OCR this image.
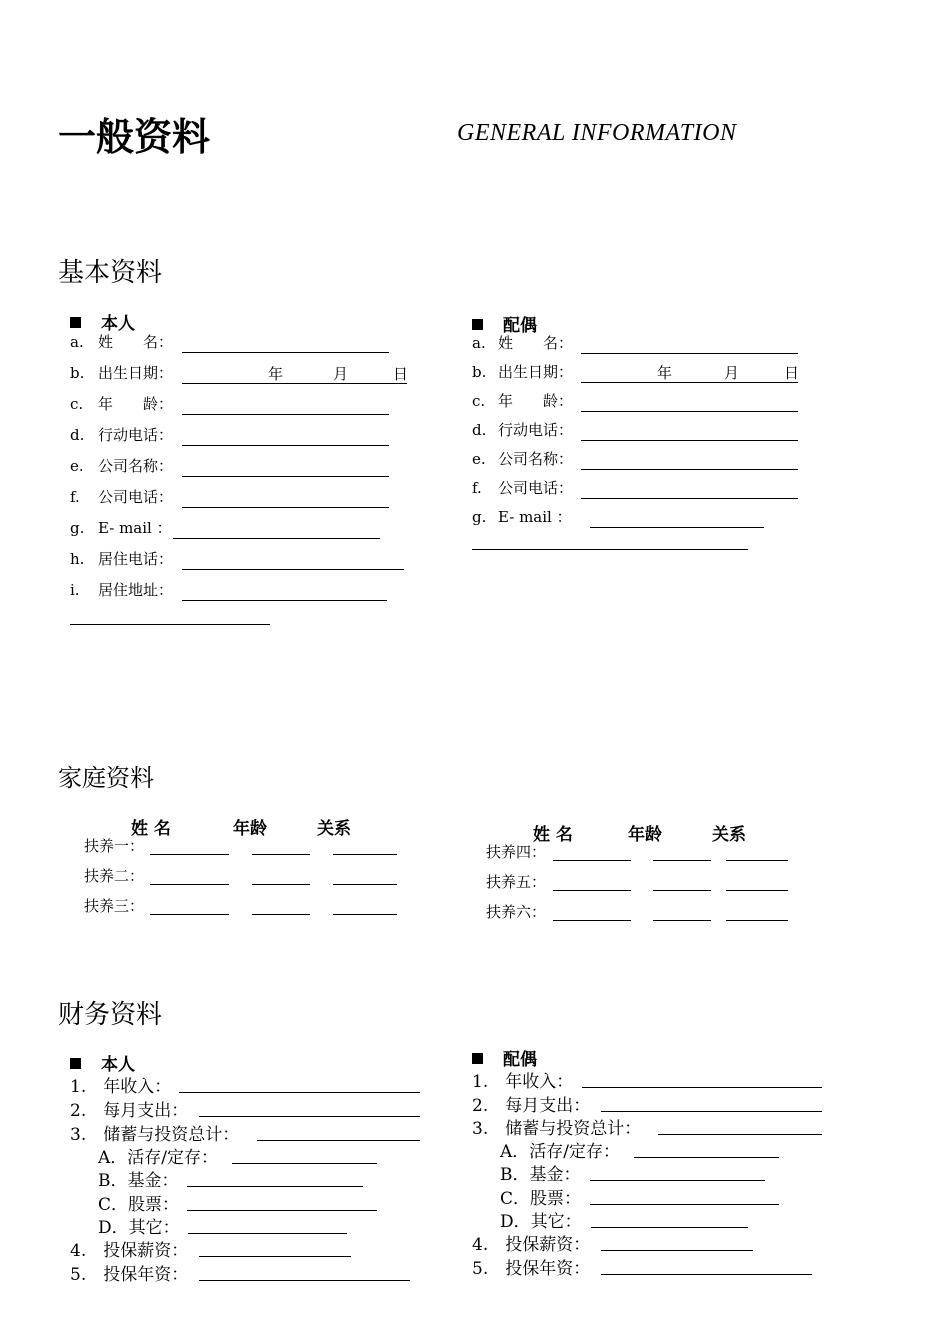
一般资料	GENERAL INFORMATION
基本资料
本人	配偶
a. 姓　　名：
b. 出生日期：	年	月	日
c. 年　　龄：
d. 行动电话：
e. 公司名称：
f. 公司电话：
g. E- mail ：
h. 居住电话：
i. 居住地址：
a. 姓　　名：
b. 出生日期：	年	月	日
c. 年　　龄：
d. 行动电话：
e. 公司名称：
f. 公司电话：
g. E- mail ：
家庭资料
姓 名	年龄	关系	姓 名	年龄	关系
扶养一：
扶养二：
扶养三：
扶养四：
扶养五：
扶养六：
财务资料
本人	配偶
1.　年收入：
2.　每月支出：
3.　储蓄与投资总计：
A．活存/定存：
B．基金：
C．股票：
D．其它：
4.　投保薪资：
5.　投保年资：
1.　年收入：
2.　每月支出：
3.　储蓄与投资总计：
A．活存/定存：
B．基金：
C．股票：
D．其它：
4.　投保薪资：
5.　投保年资：
